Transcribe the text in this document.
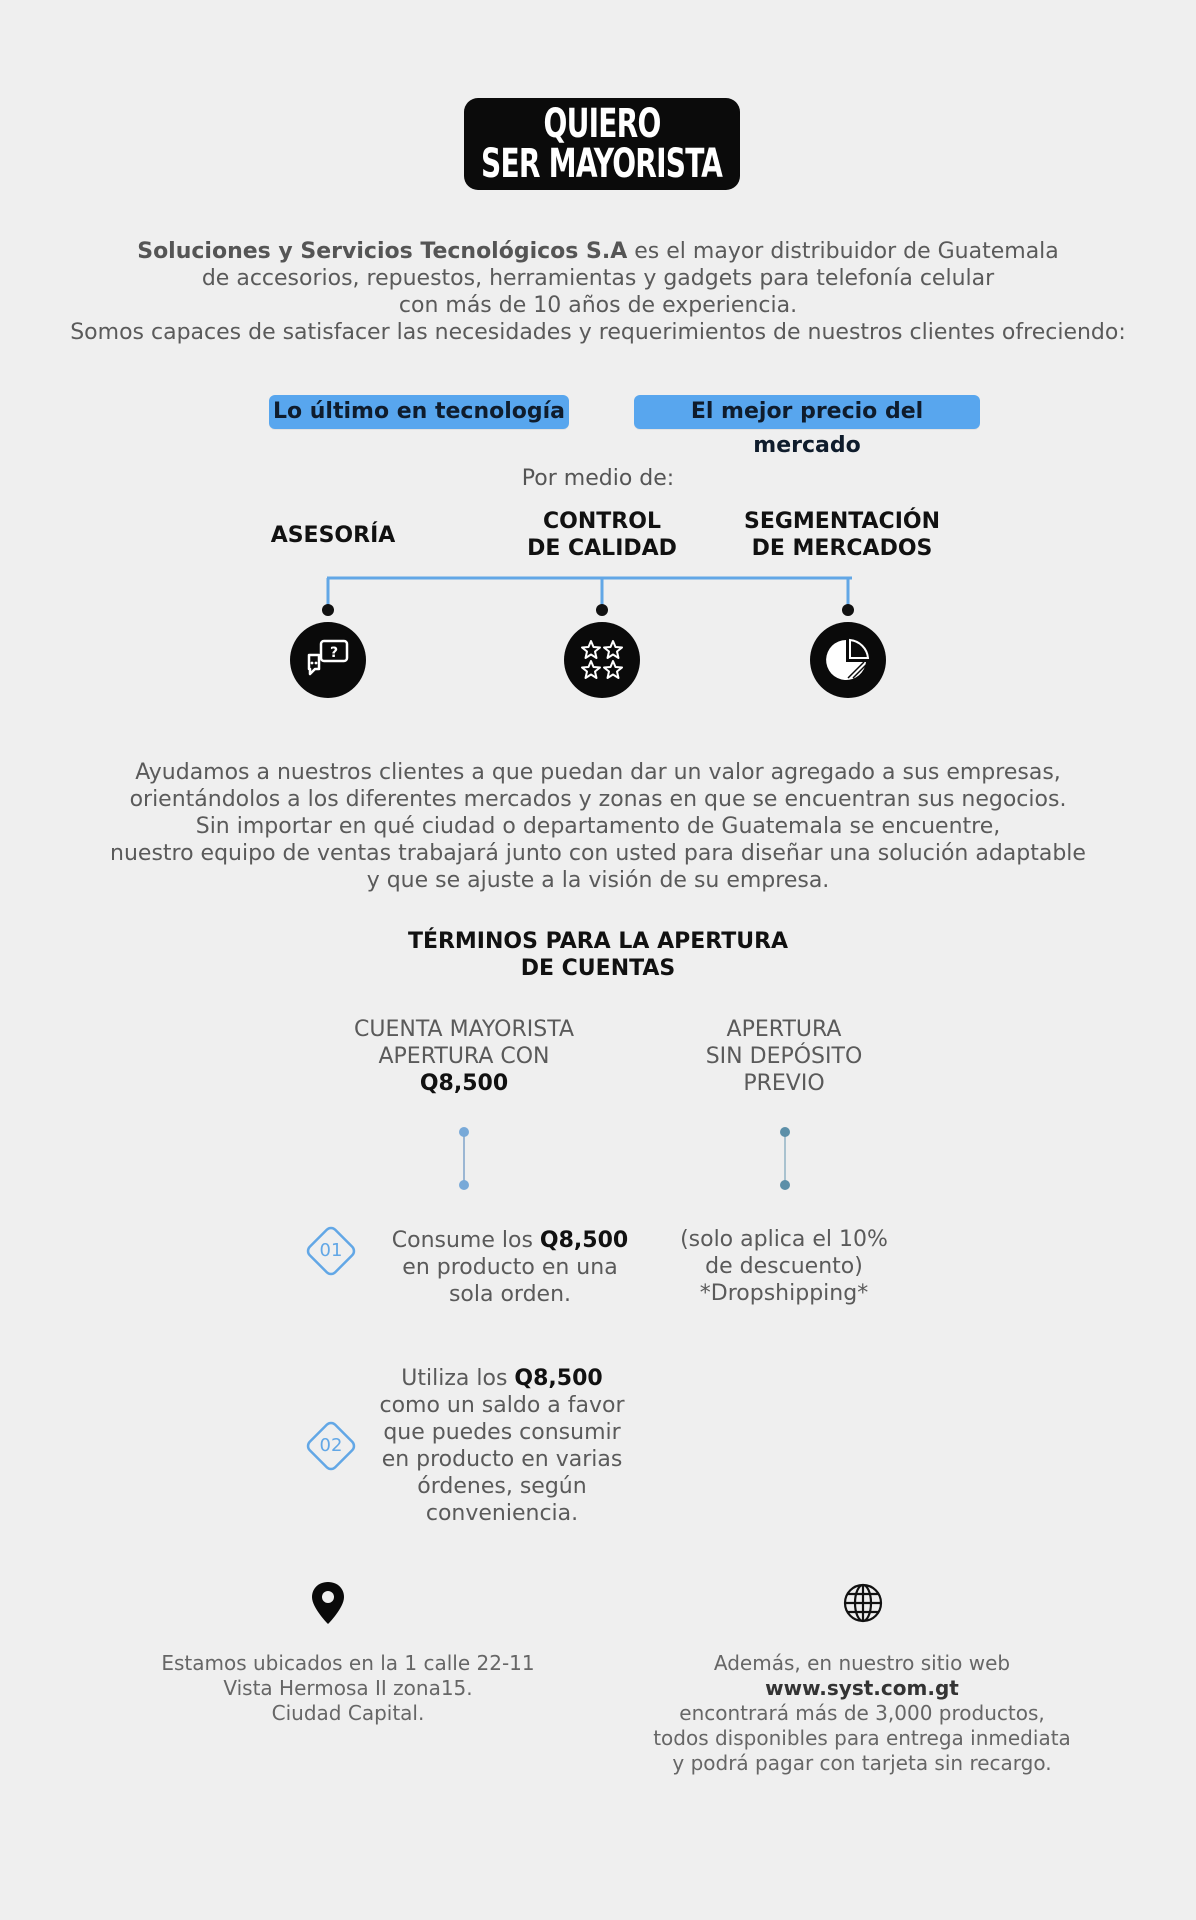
QUIERO
SER MAYORISTA

Soluciones y Servicios Tecnológicos S.A es el mayor distribuidor de Guatemala

de accesorios, repuestos, herramientas y gadgets para telefonía celular

con más de 10 años de experiencia.

Somos capaces de satisfacer las necesidades y requerimientos de nuestros clientes ofreciendo:

Lo último en tecnología	El mejor precio del mercado
Por medio de:
ASESORÍA
CONTROL
DE CALIDAD
SEGMENTACIÓN
DE MERCADOS
?

Ayudamos a nuestros clientes a que puedan dar un valor agregado a sus empresas,

orientándolos a los diferentes mercados y zonas en que se encuentran sus negocios.

Sin importar en qué ciudad o departamento de Guatemala se encuentre,

nuestro equipo de ventas trabajará junto con usted para diseñar una solución adaptable

y que se ajuste a la visión de su empresa.

TÉRMINOS PARA LA APERTURA
DE CUENTAS
CUENTA MAYORISTA
APERTURA CON
Q8,500
APERTURA
SIN DEPÓSITO
PREVIO
01	Consume los Q8,500
en producto en una
sola orden.
(solo aplica el 10%
de descuento)
*Dropshipping*
02
Utiliza los Q8,500
como un saldo a favor
que puedes consumir
en producto en varias
órdenes, según
conveniencia.
Estamos ubicados en la 1 calle 22-11
Vista Hermosa II zona15.
Ciudad Capital.
Además, en nuestro sitio web
www.syst.com.gt
encontrará más de 3,000 productos,
todos disponibles para entrega inmediata
y podrá pagar con tarjeta sin recargo.
